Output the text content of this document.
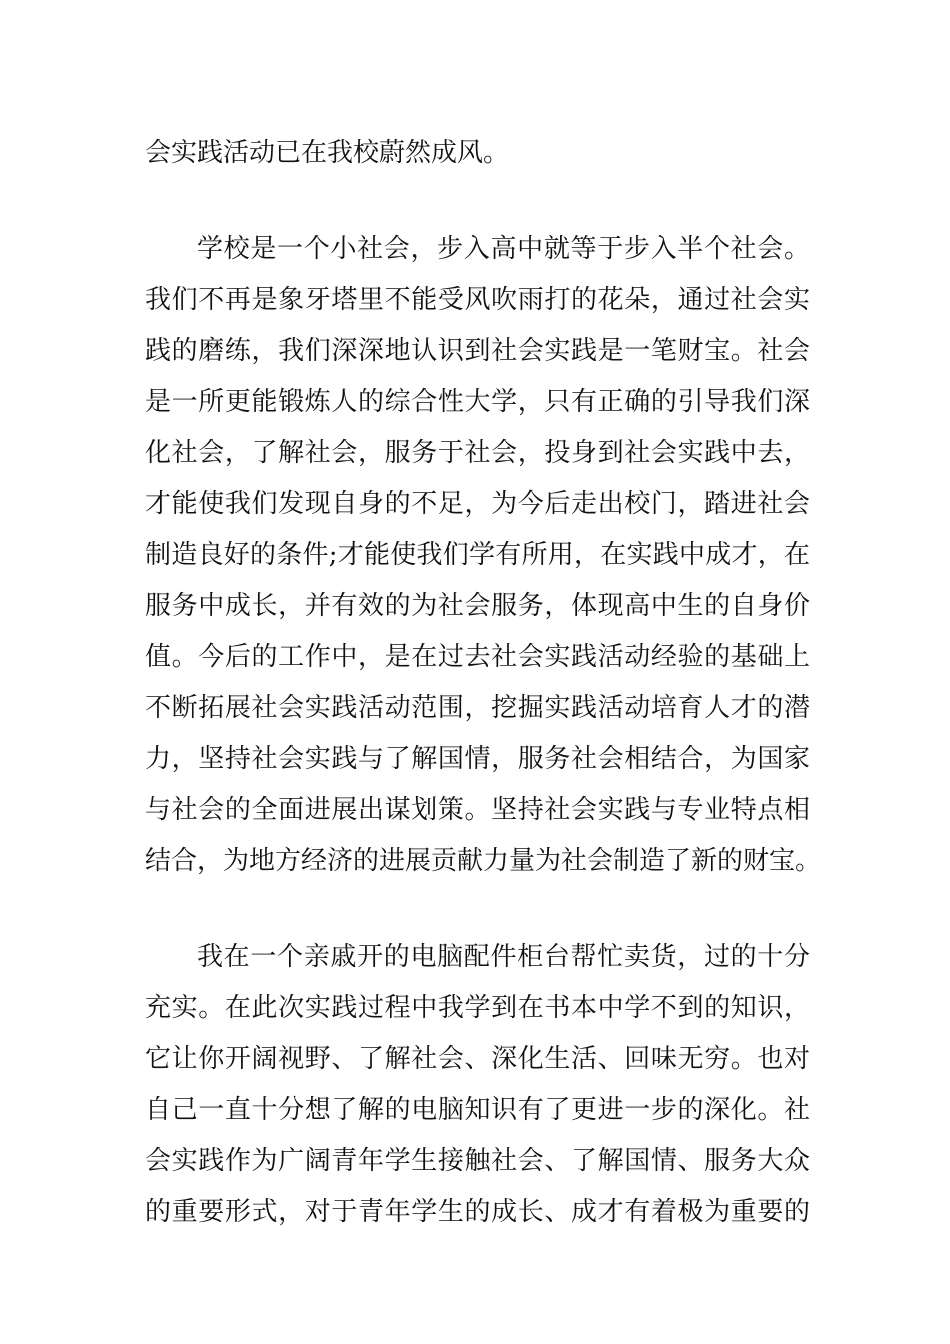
会实践活动已在我校蔚然成风。

学校是一个小社会，步入高中就等于步入半个社会。

我们不再是象牙塔里不能受风吹雨打的花朵，通过社会实

践的磨练，我们深深地认识到社会实践是一笔财宝。社会

是一所更能锻炼人的综合性大学，只有正确的引导我们深

化社会，了解社会，服务于社会，投身到社会实践中去，

才能使我们发现自身的不足，为今后走出校门，踏进社会

制造良好的条件;才能使我们学有所用，在实践中成才，在

服务中成长，并有效的为社会服务，体现高中生的自身价

值。今后的工作中，是在过去社会实践活动经验的基础上

不断拓展社会实践活动范围，挖掘实践活动培育人才的潜

力，坚持社会实践与了解国情，服务社会相结合，为国家

与社会的全面进展出谋划策。坚持社会实践与专业特点相

结合，为地方经济的进展贡献力量为社会制造了新的财宝。

我在一个亲戚开的电脑配件柜台帮忙卖货，过的十分

充实。在此次实践过程中我学到在书本中学不到的知识，

它让你开阔视野、了解社会、深化生活、回味无穷。也对

自己一直十分想了解的电脑知识有了更进一步的深化。社

会实践作为广阔青年学生接触社会、了解国情、服务大众

的重要形式，对于青年学生的成长、成才有着极为重要的
